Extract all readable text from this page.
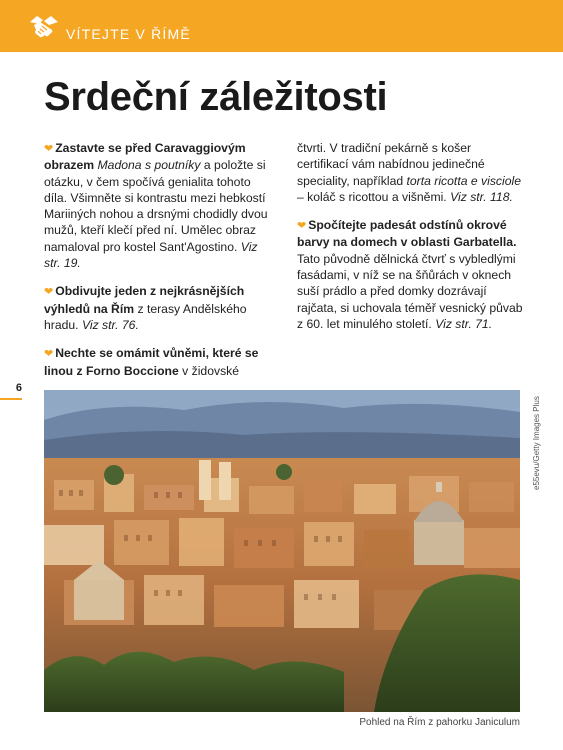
VÍTEJTE V ŘÍMĚ
Srdeční záležitosti

❤ Zastavte se před Caravaggiovým obrazem Madona s poutníky a položte si otázku, v čem spočívá genialita tohoto díla. Všimněte si kontrastu mezi hebkostí Mariiných nohou a drsnými chodidly dvou mužů, kteří klečí před ní. Umělec obraz namaloval pro kostel Sant'Agostino. Viz str. 19.

❤ Obdivujte jeden z nejkrásnějších výhledů na Řím z terasy Andělského hradu. Viz str. 76.

❤ Nechte se omámit vůněmi, které se linou z Forno Boccione v židovské

čtvrti. V tradiční pekárně s košer certifikací vám nabídnou jedinečné speciality, například torta ricotta e visciole – koláč s ricottou a višněmi. Viz str. 118.

❤ Spočítejte padesát odstínů okrové barvy na domech v oblasti Garbatella. Tato původně dělnická čtvrť s vybledlými fasádami, v níž se na šňůrách v oknech suší prádlo a před domky dozrávají rajčata, si uchovala téměř vesnický půvab z 60. let minulého století. Viz str. 71.

6
e55evu/Getty Images Plus
Pohled na Řím z pahorku Janiculum
